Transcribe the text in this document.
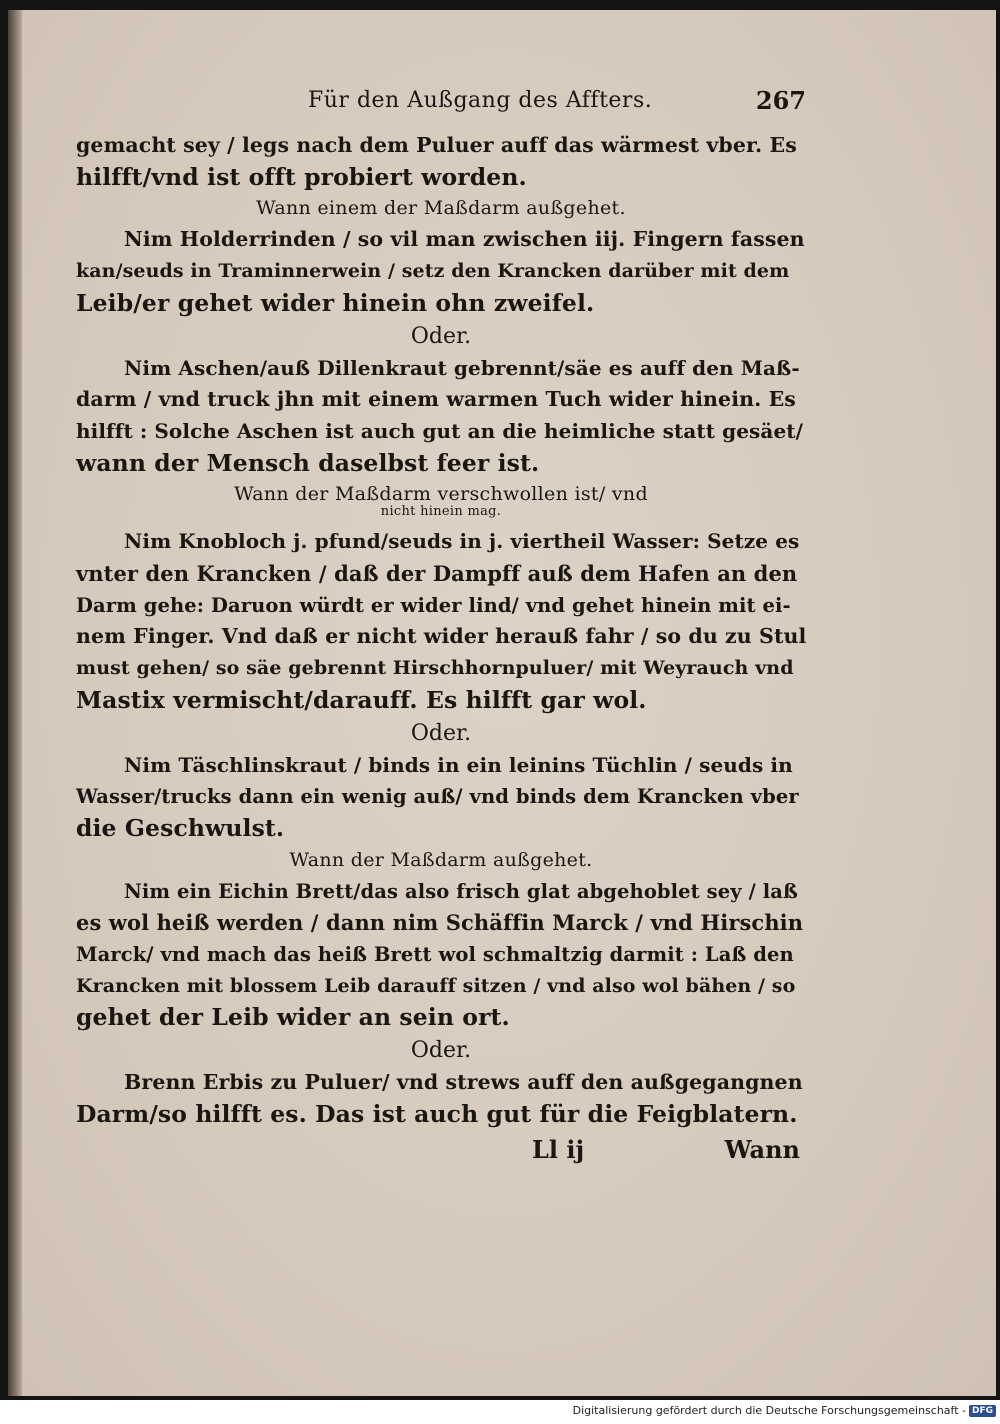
Für den Außgang des Affters.	267
gemacht sey / legs nach dem Puluer auff das wärmest vber. Es
hilfft/vnd ist offt probiert worden.
Wann einem der Maßdarm außgehet.
Nim Holderrinden / so vil man zwischen iij. Fingern fassen
kan/seuds in Traminnerwein / setz den Krancken darüber mit dem
Leib/er gehet wider hinein ohn zweifel.
Oder.
Nim Aschen/auß Dillenkraut gebrennt/säe es auff den Maß-
darm / vnd truck jhn mit einem warmen Tuch wider hinein. Es
hilfft : Solche Aschen ist auch gut an die heimliche statt gesäet/
wann der Mensch daselbst feer ist.
Wann der Maßdarm verschwollen ist/ vnd
nicht hinein mag.
Nim Knobloch j. pfund/seuds in j. viertheil Wasser: Setze es
vnter den Krancken / daß der Dampff auß dem Hafen an den
Darm gehe: Daruon würdt er wider lind/ vnd gehet hinein mit ei-
nem Finger. Vnd daß er nicht wider herauß fahr / so du zu Stul
must gehen/ so säe gebrennt Hirschhornpuluer/ mit Weyrauch vnd
Mastix vermischt/darauff. Es hilfft gar wol.
Oder.
Nim Täschlinskraut / binds in ein leinins Tüchlin / seuds in
Wasser/trucks dann ein wenig auß/ vnd binds dem Krancken vber
die Geschwulst.
Wann der Maßdarm außgehet.
Nim ein Eichin Brett/das also frisch glat abgehoblet sey / laß
es wol heiß werden / dann nim Schäffin Marck / vnd Hirschin
Marck/ vnd mach das heiß Brett wol schmaltzig darmit : Laß den
Krancken mit blossem Leib darauff sitzen / vnd also wol bähen / so
gehet der Leib wider an sein ort.
Oder.
Brenn Erbis zu Puluer/ vnd strews auff den außgegangnen
Darm/so hilfft es. Das ist auch gut für die Feigblatern.
Ll ij	Wann
Digitalisierung gefördert durch die Deutsche Forschungsgemeinschaft - DFG
